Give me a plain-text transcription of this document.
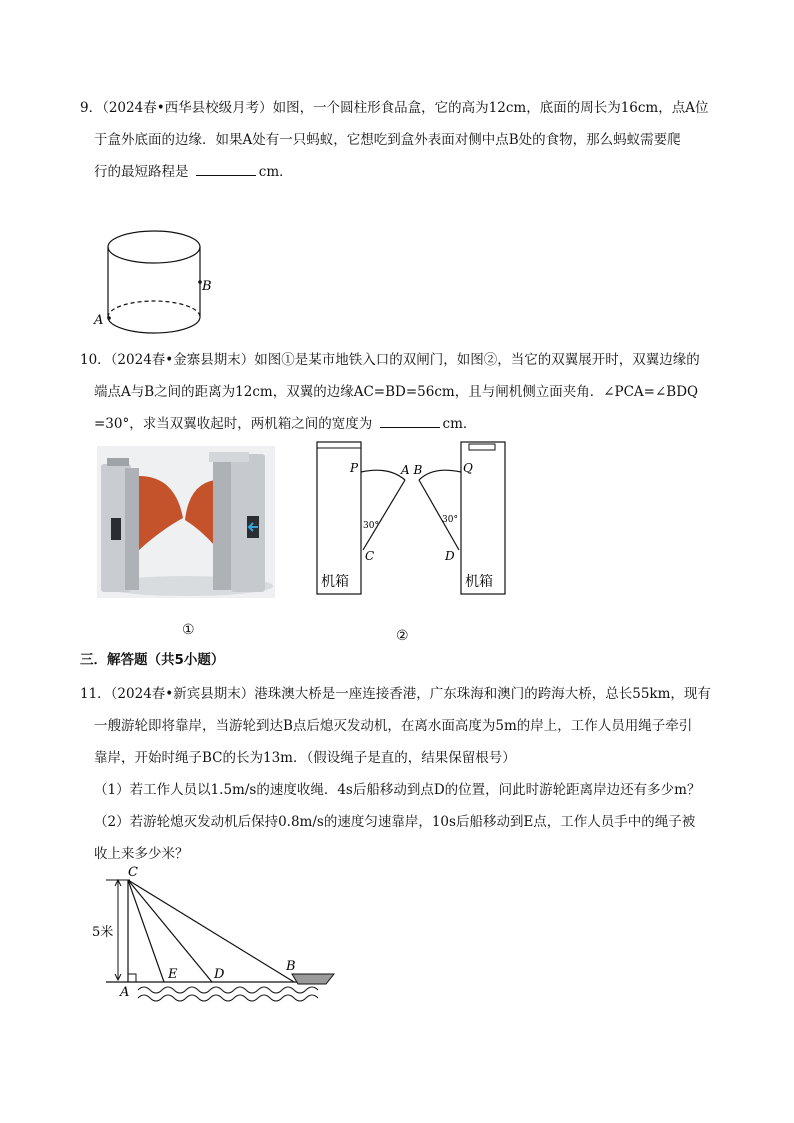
9．（2024春•西华县校级月考）如图，一个圆柱形食品盒，它的高为12cm，底面的周长为16cm，点A位
于盒外底面的边缘．如果A处有一只蚂蚁，它想吃到盒外表面对侧中点B处的食物，那么蚂蚁需要爬
行的最短路程是	cm．
A
B
10．（2024春•金寨县期末）如图①是某市地铁入口的双闸门，如图②，当它的双翼展开时，双翼边缘的
端点A与B之间的距离为12cm，双翼的边缘AC=BD=56cm，且与闸机侧立面夹角．∠PCA=∠BDQ
=30°，求当双翼收起时，两机箱之间的宽度为	cm．
P	Q
A B
C	D
30°
30°
机箱	机箱
①	②
三．解答题（共5小题）
11．（2024春•新宾县期末）港珠澳大桥是一座连接香港，广东珠海和澳门的跨海大桥，总长55km，现有
一艘游轮即将靠岸，当游轮到达B点后熄灭发动机，在离水面高度为5m的岸上，工作人员用绳子牵引
靠岸，开始时绳子BC的长为13m．（假设绳子是直的，结果保留根号）
（1）若工作人员以1.5m/s的速度收绳．4s后船移动到点D的位置，问此时游轮距离岸边还有多少m？
（2）若游轮熄灭发动机后保持0.8m/s的速度匀速靠岸，10s后船移动到E点，工作人员手中的绳子被
收上来多少米？
5米
C
A
E	D
B
